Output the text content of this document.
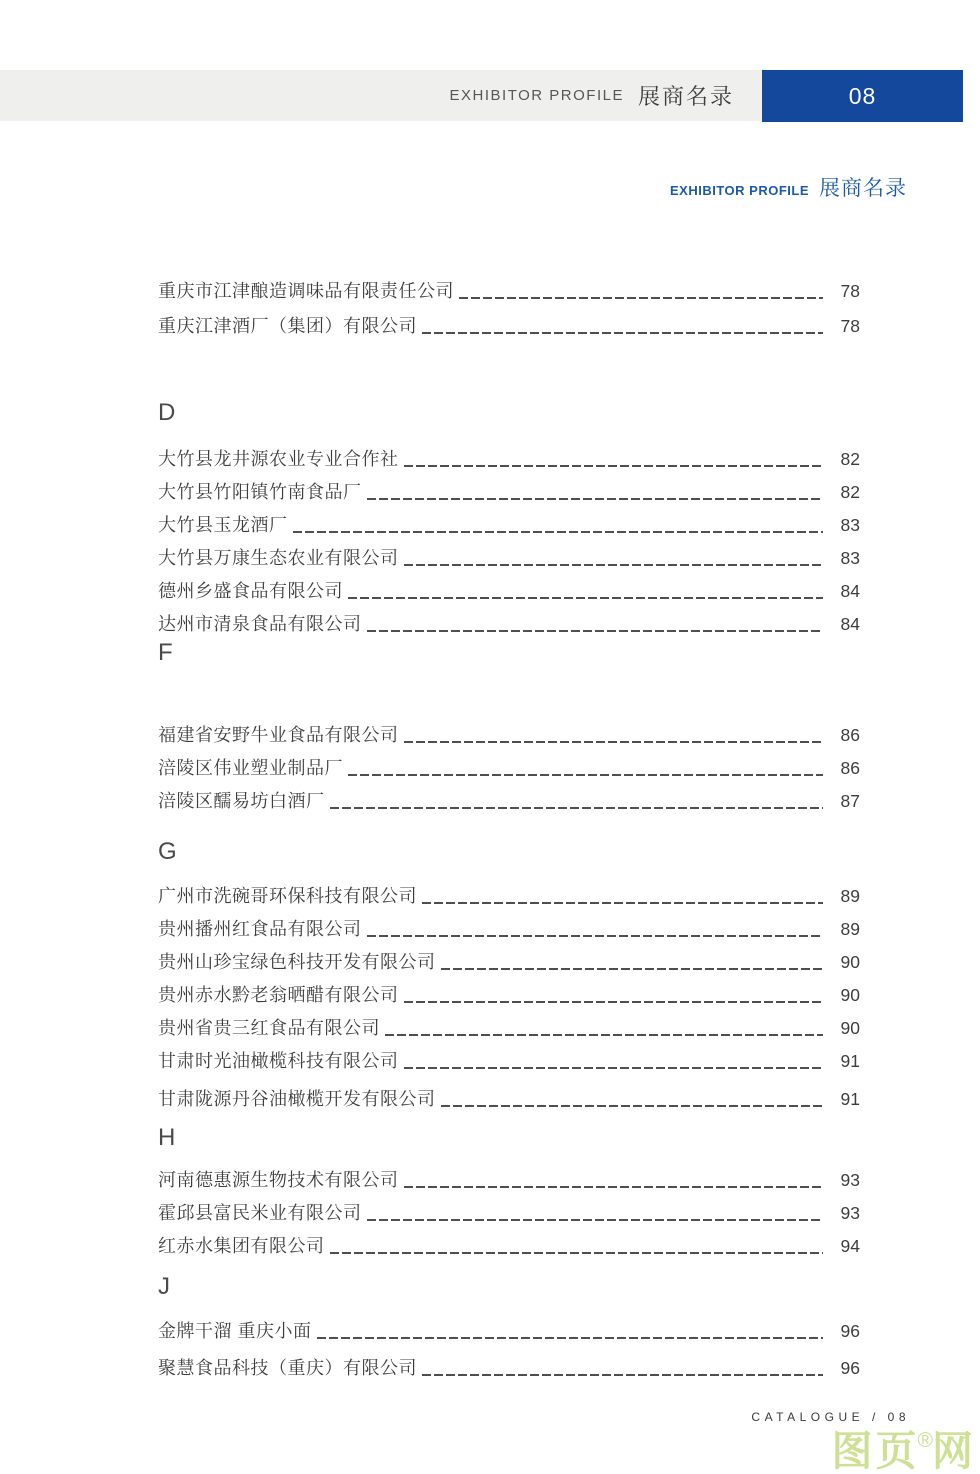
EXHIBITOR PROFILE 展商名录	08
EXHIBITOR PROFILE 展商名录
重庆市江津酿造调味品有限责任公司	78
重庆江津酒厂（集团）有限公司	78
D
大竹县龙井源农业专业合作社	82
大竹县竹阳镇竹南食品厂	82
大竹县玉龙酒厂	83
大竹县万康生态农业有限公司	83
德州乡盛食品有限公司	84
达州市清泉食品有限公司	84
F
福建省安野牛业食品有限公司	86
涪陵区伟业塑业制品厂	86
涪陵区醹易坊白酒厂	87
G
广州市洗碗哥环保科技有限公司	89
贵州播州红食品有限公司	89
贵州山珍宝绿色科技开发有限公司	90
贵州赤水黔老翁晒醋有限公司	90
贵州省贵三红食品有限公司	90
甘肃时光油橄榄科技有限公司	91
甘肃陇源丹谷油橄榄开发有限公司	91
H
河南德惠源生物技术有限公司	93
霍邱县富民米业有限公司	93
红赤水集团有限公司	94
J
金牌干溜 重庆小面	96
聚慧食品科技（重庆）有限公司	96
CATALOGUE / 08
图页®网
